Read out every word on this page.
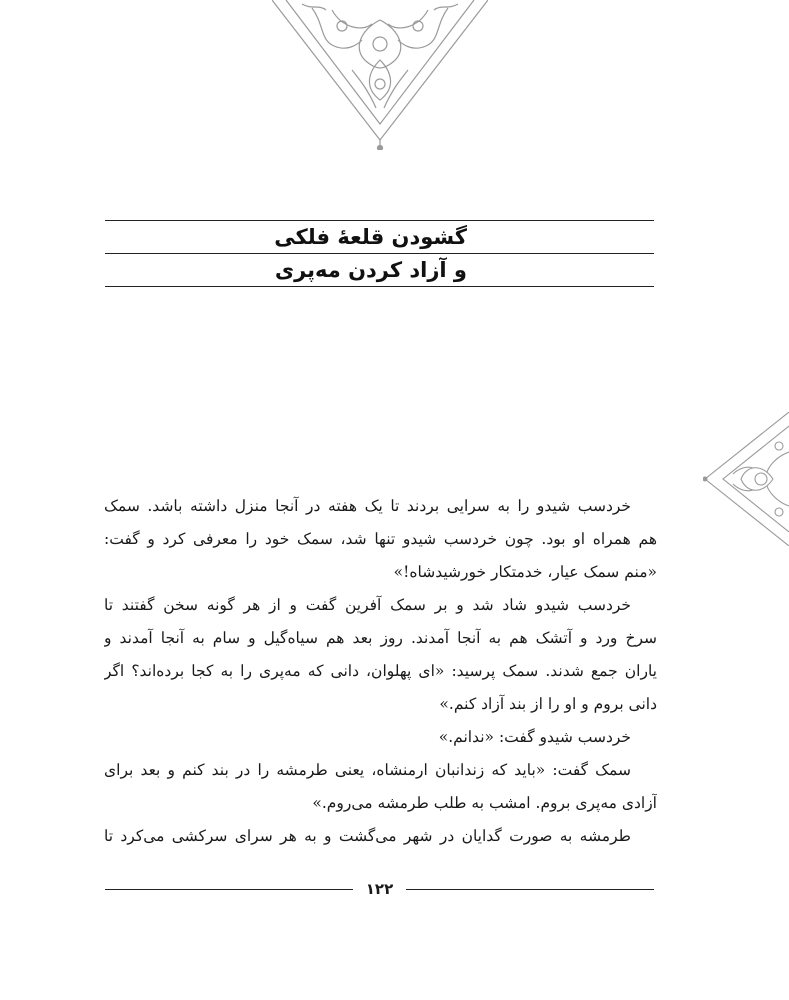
گشودن قلعهٔ فلکی
و آزاد کردن مه‌پری
خردسب شیدو را به سرایی بردند تا یک هفته در آنجا منزل داشته باشد. سمک
هم همراه او بود. چون خردسب شیدو تنها شد، سمک خود را معرفی کرد و گفت:
«منم سمک عیار، خدمتکار خورشیدشاه!»
خردسب شیدو شاد شد و بر سمک آفرین گفت و از هر گونه سخن گفتند تا
سرخ ورد و آتشک هم به آنجا آمدند. روز بعد هم سیاه‌گیل و سام به آنجا آمدند و
یاران جمع شدند. سمک پرسید: «ای پهلوان، دانی که مه‌پری را به کجا برده‌اند؟ اگر
دانی بروم و او را از بند آزاد کنم.»
خردسب شیدو گفت: «ندانم.»
سمک گفت: «باید که زندانبان ارمنشاه، یعنی طرمشه را در بند کنم و بعد برای
آزادی مه‌پری بروم. امشب به طلب طرمشه می‌روم.»
طرمشه به صورت گدایان در شهر می‌گشت و به هر سرای سرکشی می‌کرد تا
۱۲۲
